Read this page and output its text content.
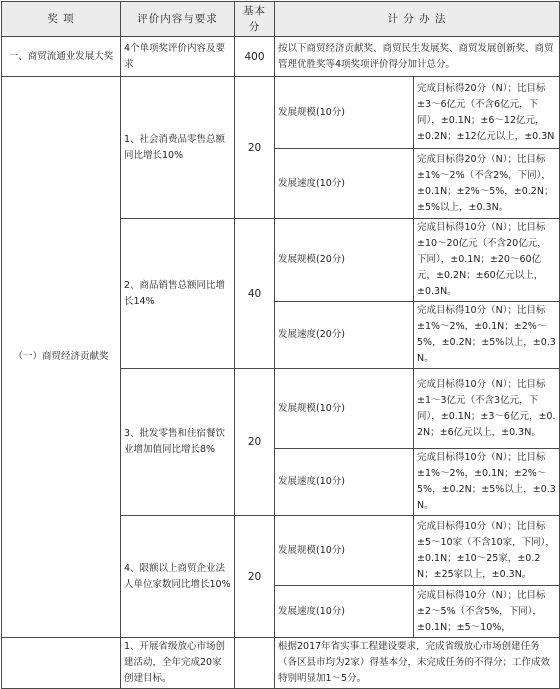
奖 项	评价内容与要求	基本分	计 分 办 法	
一、商贸流通业发展大奖	4个单项奖评价内容及要求	400	按以下商贸经济贡献奖、商贸民生发展奖、商贸发展创新奖、商贸管理优胜奖等4项奖项评价得分加计总分。	
（一）商贸经济贡献奖	1、社会消费品零售总额同比增长10%	20	发展规模(10分)	完成目标得20分（N）；比目标±3～6亿元（不含6亿元，下同），±0.1N；±6～12亿元，±0.2N；±12亿元以上，±0.3N
			发展速度(10分)	完成目标得20分（N）；比目标±1%～2%（不含2%，下同），±0.1N；±2%～5%，±0.2N；±5%以上，±0.3N。
	2、商品销售总额同比增长14%	40	发展规模(20分)	完成目标得10分（N）；比目标±10～20亿元（不含20亿元，下同），±0.1N；±20～60亿元，±0.2N；±60亿元以上，±0.3N。
			发展速度(20分)	完成目标得10分（N）；比目标±1%～2%，±0.1N；±2%～5%，±0.2N；±5%以上，±0.3N。
	3、批发零售和住宿餐饮业增加值同比增长8%	20	发展规模(10分)	完成目标得10分（N）；比目标±1～3亿元（不含3亿元，下同），±0.1N；±3～6亿元，±0.2N；±6亿元以上，±0.3N。
			发展速度(10分)	完成目标得10分（N）；比目标±1%～2%，±0.1N；±2%～5%，±0.2N；±5%以上，±0.3N。
	4、限额以上商贸企业法人单位家数同比增长10%	20	发展规模(10分)	完成目标得10分（N）；比目标±5～10家（不含10家，下同），±0.1N；±10～25家，±0.2N；±25家以上，±0.3N。
			发展速度(10分)	完成目标得10分（N）；比目标±2～5%（不含5%，下同），±0.1N；±5～10%，
	1、开展省级放心市场创建活动，全年完成20家创建目标。		根据2017年省实事工程建设要求，完成省级放心市场创建任务（各区县市均为2家）得基本分，未完成任务的不得分；工作成效特别明显加1～5分。	
